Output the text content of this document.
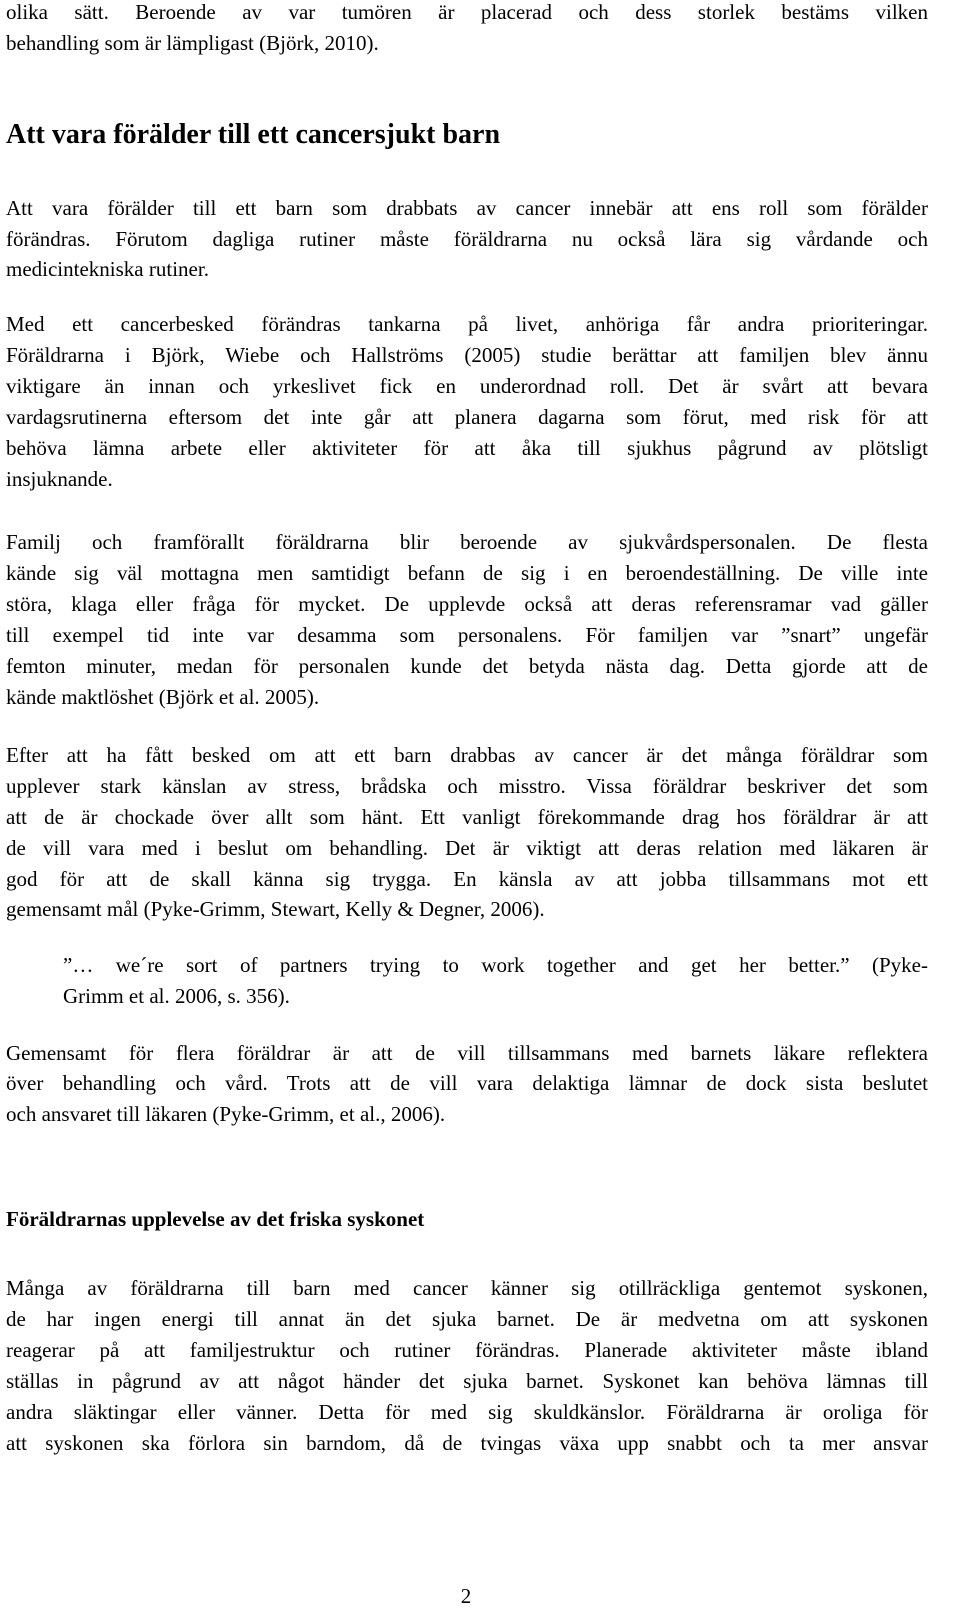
olika sätt. Beroende av var tumören är placerad och dess storlek bestäms vilken
behandling som är lämpligast (Björk, 2010).
Att vara förälder till ett cancersjukt barn
Att vara förälder till ett barn som drabbats av cancer innebär att ens roll som förälder
förändras. Förutom dagliga rutiner måste föräldrarna nu också lära sig vårdande och
medicintekniska rutiner.
Med ett cancerbesked förändras tankarna på livet, anhöriga får andra prioriteringar.
Föräldrarna i Björk, Wiebe och Hallströms (2005) studie berättar att familjen blev ännu
viktigare än innan och yrkeslivet fick en underordnad roll. Det är svårt att bevara
vardagsrutinerna eftersom det inte går att planera dagarna som förut, med risk för att
behöva lämna arbete eller aktiviteter för att åka till sjukhus pågrund av plötsligt
insjuknande.
Familj och framförallt föräldrarna blir beroende av sjukvårdspersonalen. De flesta
kände sig väl mottagna men samtidigt befann de sig i en beroendeställning. De ville inte
störa, klaga eller fråga för mycket. De upplevde också att deras referensramar vad gäller
till exempel tid inte var desamma som personalens. För familjen var ”snart” ungefär
femton minuter, medan för personalen kunde det betyda nästa dag. Detta gjorde att de
kände maktlöshet (Björk et al. 2005).
Efter att ha fått besked om att ett barn drabbas av cancer är det många föräldrar som
upplever stark känslan av stress, brådska och misstro. Vissa föräldrar beskriver det som
att de är chockade över allt som hänt. Ett vanligt förekommande drag hos föräldrar är att
de vill vara med i beslut om behandling. Det är viktigt att deras relation med läkaren är
god för att de skall känna sig trygga. En känsla av att jobba tillsammans mot ett
gemensamt mål (Pyke-Grimm, Stewart, Kelly & Degner, 2006).
”… we´re sort of partners trying to work together and get her better.” (Pyke-
Grimm et al. 2006, s. 356).
Gemensamt för flera föräldrar är att de vill tillsammans med barnets läkare reflektera
över behandling och vård. Trots att de vill vara delaktiga lämnar de dock sista beslutet
och ansvaret till läkaren (Pyke-Grimm, et al., 2006).
Föräldrarnas upplevelse av det friska syskonet
Många av föräldrarna till barn med cancer känner sig otillräckliga gentemot syskonen,
de har ingen energi till annat än det sjuka barnet. De är medvetna om att syskonen
reagerar på att familjestruktur och rutiner förändras. Planerade aktiviteter måste ibland
ställas in pågrund av att något händer det sjuka barnet. Syskonet kan behöva lämnas till
andra släktingar eller vänner. Detta för med sig skuldkänslor. Föräldrarna är oroliga för
att syskonen ska förlora sin barndom, då de tvingas växa upp snabbt och ta mer ansvar
2
